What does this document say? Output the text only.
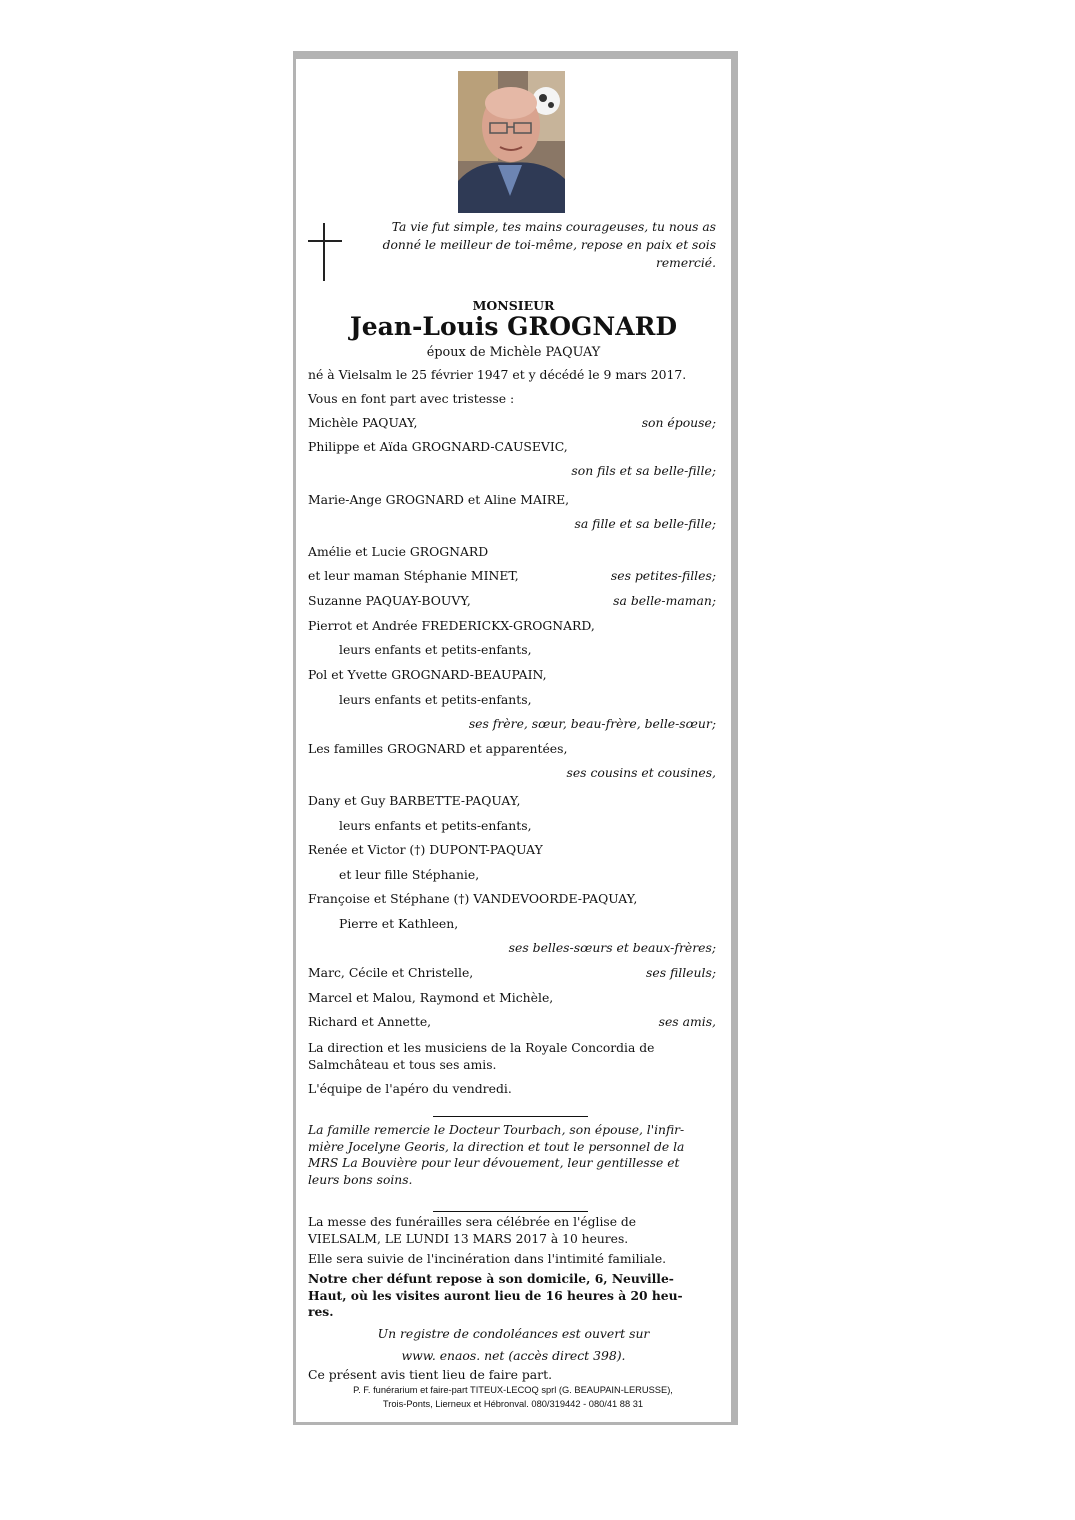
Ta vie fut simple, tes mains courageuses, tu nous as
donné le meilleur de toi-même, repose en paix et sois
remercié.
MONSIEUR
Jean-Louis GROGNARD
époux de Michèle PAQUAY
né à Vielsalm le 25 février 1947 et y décédé le 9 mars 2017.
Vous en font part avec tristesse :
Michèle PAQUAY,	son épouse;
Philippe et Aïda GROGNARD-CAUSEVIC,
son fils et sa belle-fille;
Marie-Ange GROGNARD et Aline MAIRE,
sa fille et sa belle-fille;
Amélie et Lucie GROGNARD
et leur maman Stéphanie MINET,	ses petites-filles;
Suzanne PAQUAY-BOUVY,	sa belle-maman;
Pierrot et Andrée FREDERICKX-GROGNARD,
leurs enfants et petits-enfants,
Pol et Yvette GROGNARD-BEAUPAIN,
leurs enfants et petits-enfants,
ses frère, sœur, beau-frère, belle-sœur;
Les familles GROGNARD et apparentées,
ses cousins et cousines,
Dany et Guy BARBETTE-PAQUAY,
leurs enfants et petits-enfants,
Renée et Victor (†) DUPONT-PAQUAY
et leur fille Stéphanie,
Françoise et Stéphane (†) VANDEVOORDE-PAQUAY,
Pierre et Kathleen,
ses belles-sœurs et beaux-frères;
Marc, Cécile et Christelle,	ses filleuls;
Marcel et Malou, Raymond et Michèle,
Richard et Annette,	ses amis,
La direction et les musiciens de la Royale Concordia de
Salmchâteau et tous ses amis.
L'équipe de l'apéro du vendredi.
La famille remercie le Docteur Tourbach, son épouse, l'infir-
mière Jocelyne Georis, la direction et tout le personnel de la
MRS La Bouvière pour leur dévouement, leur gentillesse et
leurs bons soins.
La messe des funérailles sera célébrée en l'église de
VIELSALM, LE LUNDI 13 MARS 2017 à 10 heures.
Elle sera suivie de l'incinération dans l'intimité familiale.
Notre cher défunt repose à son domicile, 6, Neuville-
Haut, où les visites auront lieu de 16 heures à 20 heu-
res.
Un registre de condoléances est ouvert sur
www. enaos. net (accès direct 398).
Ce présent avis tient lieu de faire part.
P. F. funérarium et faire-part TITEUX-LECOQ sprl (G. BEAUPAIN-LERUSSE),
Trois-Ponts, Lierneux et Hébronval. 080/319442 - 080/41 88 31
